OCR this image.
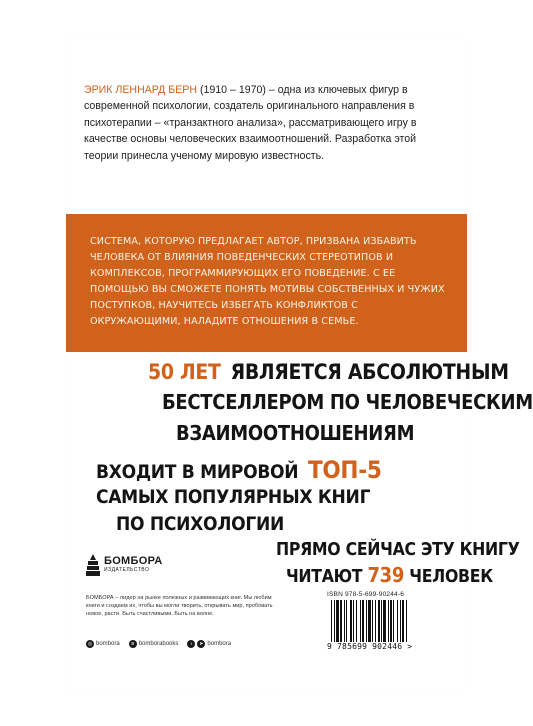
ЭРИК ЛЕННАРД БЕРН (1910 – 1970) – одна из ключевых фигур в современной психологии, создатель оригинального направления в психотерапии – «транзактного анализа», рассматривающего игру в качестве основы человеческих взаимоотношений. Разработка этой теории принесла ученому мировую известность.
СИСТЕМА, КОТОРУЮ ПРЕДЛАГАЕТ АВТОР, ПРИЗВАНА ИЗБАВИТЬ ЧЕЛОВЕКА ОТ ВЛИЯНИЯ ПОВЕДЕНЧЕСКИХ СТЕРЕОТИПОВ И КОМПЛЕКСОВ, ПРОГРАММИРУЮЩИХ ЕГО ПОВЕДЕНИЕ. С ЕЕ ПОМОЩЬЮ ВЫ СМОЖЕТЕ ПОНЯТЬ МОТИВЫ СОБСТВЕННЫХ И ЧУЖИХ ПОСТУПКОВ, НАУЧИТЕСЬ ИЗБЕГАТЬ КОНФЛИКТОВ С ОКРУЖАЮЩИМИ, НАЛАДИТЕ ОТНОШЕНИЯ В СЕМЬЕ.
50 ЛЕТ ЯВЛЯЕТСЯ АБСОЛЮТНЫМ
БЕСТСЕЛЛЕРОМ ПО ЧЕЛОВЕЧЕСКИМ
ВЗАИМООТНОШЕНИЯМ
ВХОДИТ В МИРОВОЙ ТОП-5
САМЫХ ПОПУЛЯРНЫХ КНИГ
ПО ПСИХОЛОГИИ
ПРЯМО СЕЙЧАС ЭТУ КНИГУ
ЧИТАЮТ 739 ЧЕЛОВЕК
БОМБОРА
ИЗДАТЕЛЬСТВО
БОМБОРА – лидер на рынке полезных и развивающих книг. Мы любим книги и создаем их, чтобы вы могли творить, открывать мир, пробовать новое, расти. Быть счастливыми. Быть на волне.
◎ bombora	в bomborabooks	♪	➤ bombora
ISBN 978-5-699-90244-6
9 785699 902446 >
